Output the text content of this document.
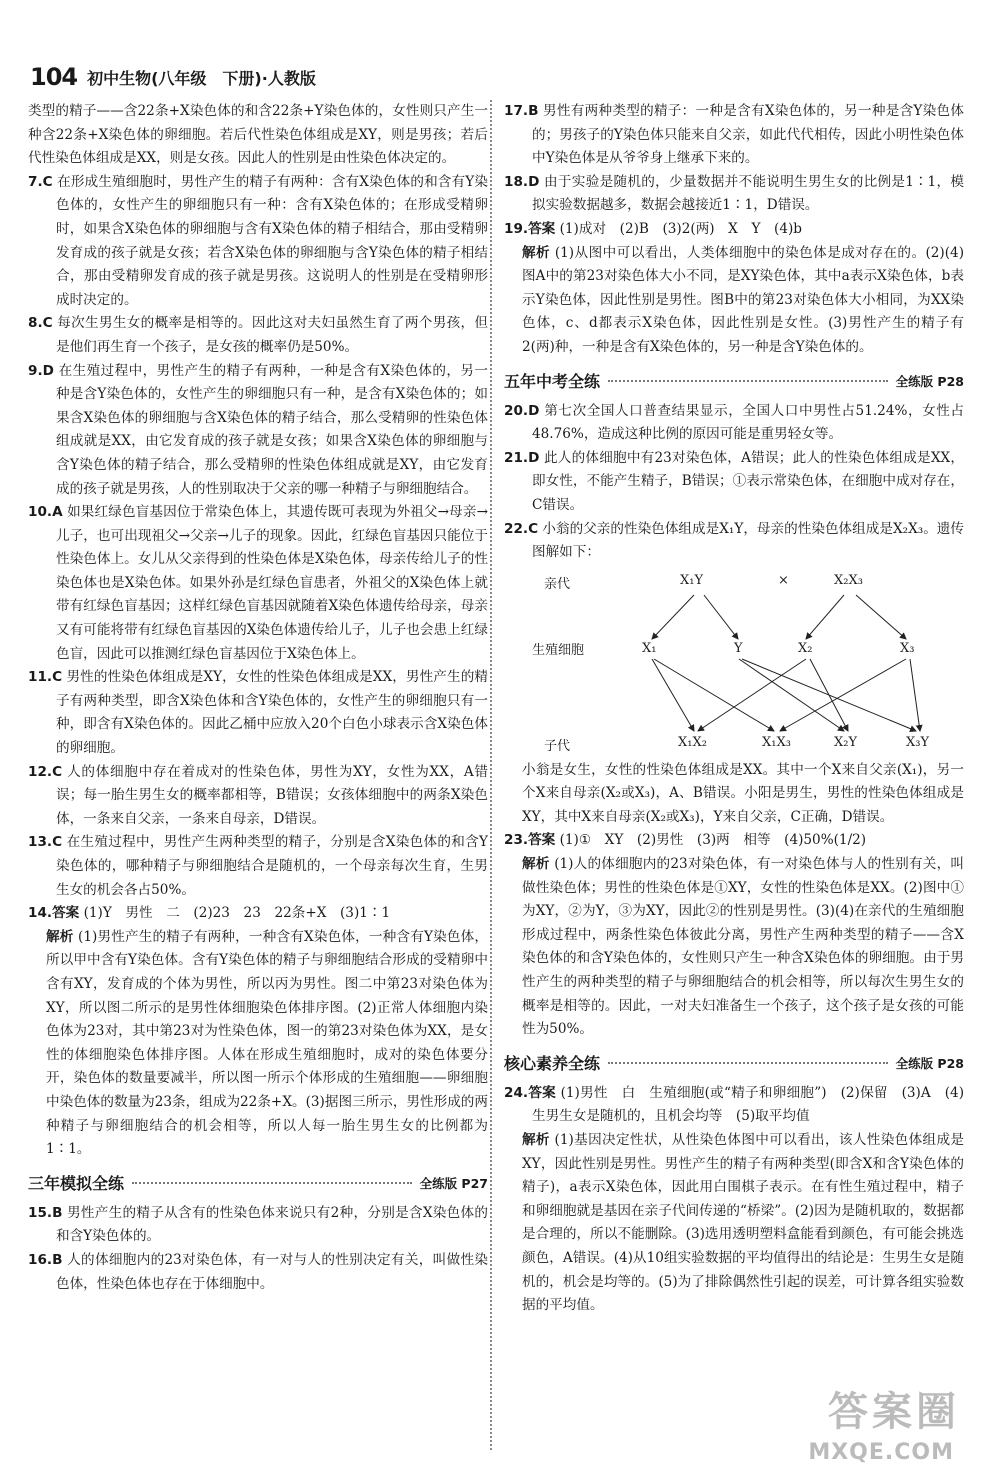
104 初中生物(八年级　下册)·人教版

类型的精子——含22条+X染色体的和含22条+Y染色体的，女性则只产生一种含22条+X染色体的卵细胞。若后代性染色体组成是XY，则是男孩；若后代性染色体组成是XX，则是女孩。因此人的性别是由性染色体决定的。

7.C 在形成生殖细胞时，男性产生的精子有两种：含有X染色体的和含有Y染色体的，女性产生的卵细胞只有一种：含有X染色体的；在形成受精卵时，如果含X染色体的卵细胞与含有X染色体的精子相结合，那由受精卵发育成的孩子就是女孩；若含X染色体的卵细胞与含Y染色体的精子相结合，那由受精卵发育成的孩子就是男孩。这说明人的性别是在受精卵形成时决定的。

8.C 每次生男生女的概率是相等的。因此这对夫妇虽然生育了两个男孩，但是他们再生育一个孩子，是女孩的概率仍是50%。

9.D 在生殖过程中，男性产生的精子有两种，一种是含有X染色体的，另一种是含Y染色体的，女性产生的卵细胞只有一种，是含有X染色体的；如果含X染色体的卵细胞与含X染色体的精子结合，那么受精卵的性染色体组成就是XX，由它发育成的孩子就是女孩；如果含X染色体的卵细胞与含Y染色体的精子结合，那么受精卵的性染色体组成就是XY，由它发育成的孩子就是男孩，人的性别取决于父亲的哪一种精子与卵细胞结合。

10.A 如果红绿色盲基因位于常染色体上，其遗传既可表现为外祖父→母亲→儿子，也可出现祖父→父亲→儿子的现象。因此，红绿色盲基因只能位于性染色体上。女儿从父亲得到的性染色体是X染色体，母亲传给儿子的性染色体也是X染色体。如果外孙是红绿色盲患者，外祖父的X染色体上就带有红绿色盲基因；这样红绿色盲基因就随着X染色体遗传给母亲，母亲又有可能将带有红绿色盲基因的X染色体遗传给儿子，儿子也会患上红绿色盲，因此可以推测红绿色盲基因位于X染色体上。

11.C 男性的性染色体组成是XY，女性的性染色体组成是XX，男性产生的精子有两种类型，即含X染色体和含Y染色体的，女性产生的卵细胞只有一种，即含有X染色体的。因此乙桶中应放入20个白色小球表示含X染色体的卵细胞。

12.C 人的体细胞中存在着成对的性染色体，男性为XY，女性为XX，A错误；每一胎生男生女的概率都相等，B错误；女孩体细胞中的两条X染色体，一条来自父亲，一条来自母亲，D错误。

13.C 在生殖过程中，男性产生两种类型的精子，分别是含X染色体的和含Y染色体的，哪种精子与卵细胞结合是随机的，一个母亲每次生育，生男生女的机会各占50%。

14.答案 (1)Y　男性　二　(2)23　23　22条+X　(3)1∶1

解析 (1)男性产生的精子有两种，一种含有X染色体，一种含有Y染色体，所以甲中含有Y染色体。含有Y染色体的精子与卵细胞结合形成的受精卵中含有XY，发育成的个体为男性，所以丙为男性。图二中第23对染色体为XY，所以图二所示的是男性体细胞染色体排序图。(2)正常人体细胞内染色体为23对，其中第23对为性染色体，图一的第23对染色体为XX，是女性的体细胞染色体排序图。人体在形成生殖细胞时，成对的染色体要分开，染色体的数量要减半，所以图一所示个体形成的生殖细胞——卵细胞中染色体的数量为23条，组成为22条+X。(3)据图三所示，男性形成的两种精子与卵细胞结合的机会相等，所以人每一胎生男生女的比例都为1∶1。

三年模拟全练	全练版 P27

15.B 男性产生的精子从含有的性染色体来说只有2种，分别是含X染色体的和含Y染色体的。

16.B 人的体细胞内的23对染色体，有一对与人的性别决定有关，叫做性染色体，性染色体也存在于体细胞中。

17.B 男性有两种类型的精子：一种是含有X染色体的，另一种是含Y染色体的；男孩子的Y染色体只能来自父亲，如此代代相传，因此小明性染色体中Y染色体是从爷爷身上继承下来的。

18.D 由于实验是随机的，少量数据并不能说明生男生女的比例是1∶1，模拟实验数据越多，数据会越接近1∶1，D错误。

19.答案 (1)成对　(2)B　(3)2(两)　X　Y　(4)b

解析 (1)从图中可以看出，人类体细胞中的染色体是成对存在的。(2)(4)图A中的第23对染色体大小不同，是XY染色体，其中a表示X染色体，b表示Y染色体，因此性别是男性。图B中的第23对染色体大小相同，为XX染色体，c、d都表示X染色体，因此性别是女性。(3)男性产生的精子有2(两)种，一种是含有X染色体的，另一种是含Y染色体的。

五年中考全练	全练版 P28

20.D 第七次全国人口普查结果显示，全国人口中男性占51.24%，女性占48.76%，造成这种比例的原因可能是重男轻女等。

21.D 此人的体细胞中有23对染色体，A错误；此人的性染色体组成是XX，即女性，不能产生精子，B错误；①表示常染色体，在细胞中成对存在，C错误。

22.C 小翁的父亲的性染色体组成是X₁Y，母亲的性染色体组成是X₂X₃。遗传图解如下：

亲代
生殖细胞
子代
X₁Y	×	X₂X₃
X₁	Y	X₂	X₃
X₁X₂	X₁X₃	X₂Y	X₃Y

小翁是女生，女性的性染色体组成是XX。其中一个X来自父亲(X₁)，另一个X来自母亲(X₂或X₃)，A、B错误。小阳是男生，男性的性染色体组成是XY，其中X来自母亲(X₂或X₃)，Y来自父亲，C正确，D错误。

23.答案 (1)①　XY　(2)男性　(3)两　相等　(4)50%(1/2)

解析 (1)人的体细胞内的23对染色体，有一对染色体与人的性别有关，叫做性染色体；男性的性染色体是①XY，女性的性染色体是XX。(2)图中①为XY，②为Y，③为XY，因此②的性别是男性。(3)(4)在亲代的生殖细胞形成过程中，两条性染色体彼此分离，男性产生两种类型的精子——含X染色体的和含Y染色体的，女性则只产生一种含X染色体的卵细胞。由于男性产生的两种类型的精子与卵细胞结合的机会相等，所以每次生男生女的概率是相等的。因此，一对夫妇准备生一个孩子，这个孩子是女孩的可能性为50%。

核心素养全练	全练版 P28

24.答案 (1)男性　白　生殖细胞(或“精子和卵细胞”)　(2)保留　(3)A　(4)生男生女是随机的，且机会均等　(5)取平均值

解析 (1)基因决定性状，从性染色体图中可以看出，该人性染色体组成是XY，因此性别是男性。男性产生的精子有两种类型(即含X和含Y染色体的精子)，a表示X染色体，因此用白围棋子表示。在有性生殖过程中，精子和卵细胞就是基因在亲子代间传递的“桥梁”。(2)因为是随机取的，数据都是合理的，所以不能删除。(3)选用透明塑料盒能看到颜色，有可能会挑选颜色，A错误。(4)从10组实验数据的平均值得出的结论是：生男生女是随机的，机会是均等的。(5)为了排除偶然性引起的误差，可计算各组实验数据的平均值。

答案圈
MXQE.COM
